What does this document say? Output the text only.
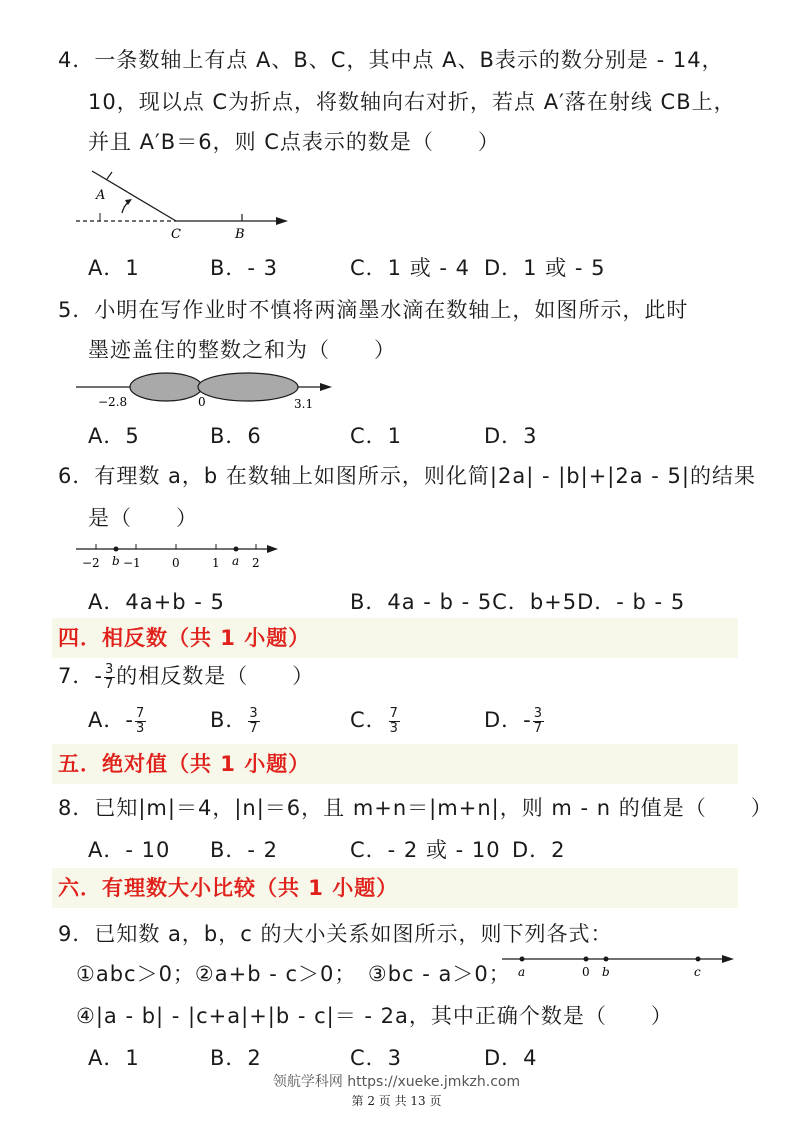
4．一条数轴上有点 A、B、C，其中点 A、B表示的数分别是 - 14，
10，现以点 C为折点，将数轴向右对折，若点 A′落在射线 CB上，
并且 A′B＝6，则 C点表示的数是（　　）
A
C	B
A．1	B．- 3	C．1 或 - 4 D．1 或 - 5
5．小明在写作业时不慎将两滴墨水滴在数轴上，如图所示，此时
墨迹盖住的整数之和为（　　）
−2.8	0	3.1
A．5	B．6	C．1	D．3
6．有理数 a，b 在数轴上如图所示，则化简|2a| - |b|+|2a - 5|的结果
是（　　）
−2 b −1	0	1 a 2
A．4a+b - 5	B．4a - b - 5C．b+5D．- b - 5
四．相反数（共 1 小题）
7．- $\frac{3}{7}$ 的相反数是（　　）
A．- $\frac{7}{3}$	B． $\frac{3}{7}$	C． $\frac{7}{3}$	D．- $\frac{3}{7}$
五．绝对值（共 1 小题）
8．已知|m|＝4，|n|＝6，且 m+n＝|m+n|，则 m - n 的值是（　　）
A．- 10 B．- 2	C．- 2 或 - 10 D．2
六．有理数大小比较（共 1 小题）
9．已知数 a，b，c 的大小关系如图所示，则下列各式：
①abc＞0；②a+b - c＞0；　③bc - a＞0； a	0 b	c
④|a - b| - |c+a|+|b - c|＝ - 2a，其中正确个数是（　　）
A．1	B．2	C．3	D．4
领航学科网 https://xueke.jmkzh.com
第 2 页 共 13 页
